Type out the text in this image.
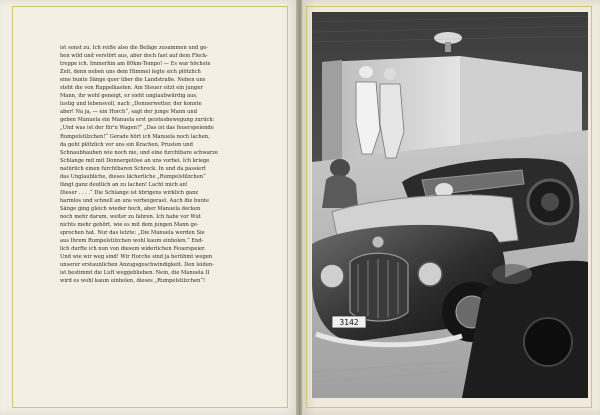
ist sonst zu. Ich reiße also die Beläge zusammen und ge-

hen wild und verstört aus, aber doch fast auf dem Fleck-

treppe ich. Immerhin am 80km-Tempo! — Es war höchste

Zeit, denn neben uns dem Himmel legte sich plötzlich

eine bunte Sänge quer über die Landstraße. Neben uns

steht die von Rappelkasten. Am Steuer sitzt ein junger

Mann, ihr wohl geneigt, er sieht unglaubwürdig aus,

lustig und lebensvoll, nach „Donnerwetter, der konnte

aber! Na ja, — ein Horch“, sagt der junge Mann und

geben Manuela ein Manuela erst geistesbewegung zurück:

„Und was ist der für'n Wagen?“ „Das ist das feuerspeiende

Rumpelstilzchen!“ Gerade hört ich Manuela noch lachen,

da geht plötzlich vor uns ein Krachen, Prusten und

Schnaubhauben wie noch nie, und eine furchtbare schwarze

Schlange mit mit Donnergetöse an uns vorbei. Ich kriege

natürlich einen furchtbaren Schreck. In und da passiert

das Unglaubliche, dieses lächerliche „Rumpelstilzchen“

fängt ganz deutlich an zu lachen! Lacht mich an!

Dieser . . . .“ Die Schlange ist übrigens wirklich ganz

harmlos und schnell an uns vorbeigerast. Auch die bunte

Sänge ging gleich wieder hoch, aber Manuela decken

noch mehr darum, weiter zu fahren. Ich habe vor Wut

nichts mehr gehört, wie es mit dem jungen Mann ge-

sprochen hat. Nur das letzte: „Die Manuela werden Sie

aus Ihrem Rumpelstilzchen wohl kaum einholen.“ End-

lich durfte ich nun von diesem widerlichen Feuerspeier.

Und wie wir weg sind! Wir Horche sind ja berühmt wegen

unserer erstaunlichen Anzugsgeschwindigkeit. Den leiden-

ist bestimmt die Luft weggeblieben. Nein, die Manuela II

wird es wohl kaum einholen, dieses „Rumpelstilzchen“!

3142
